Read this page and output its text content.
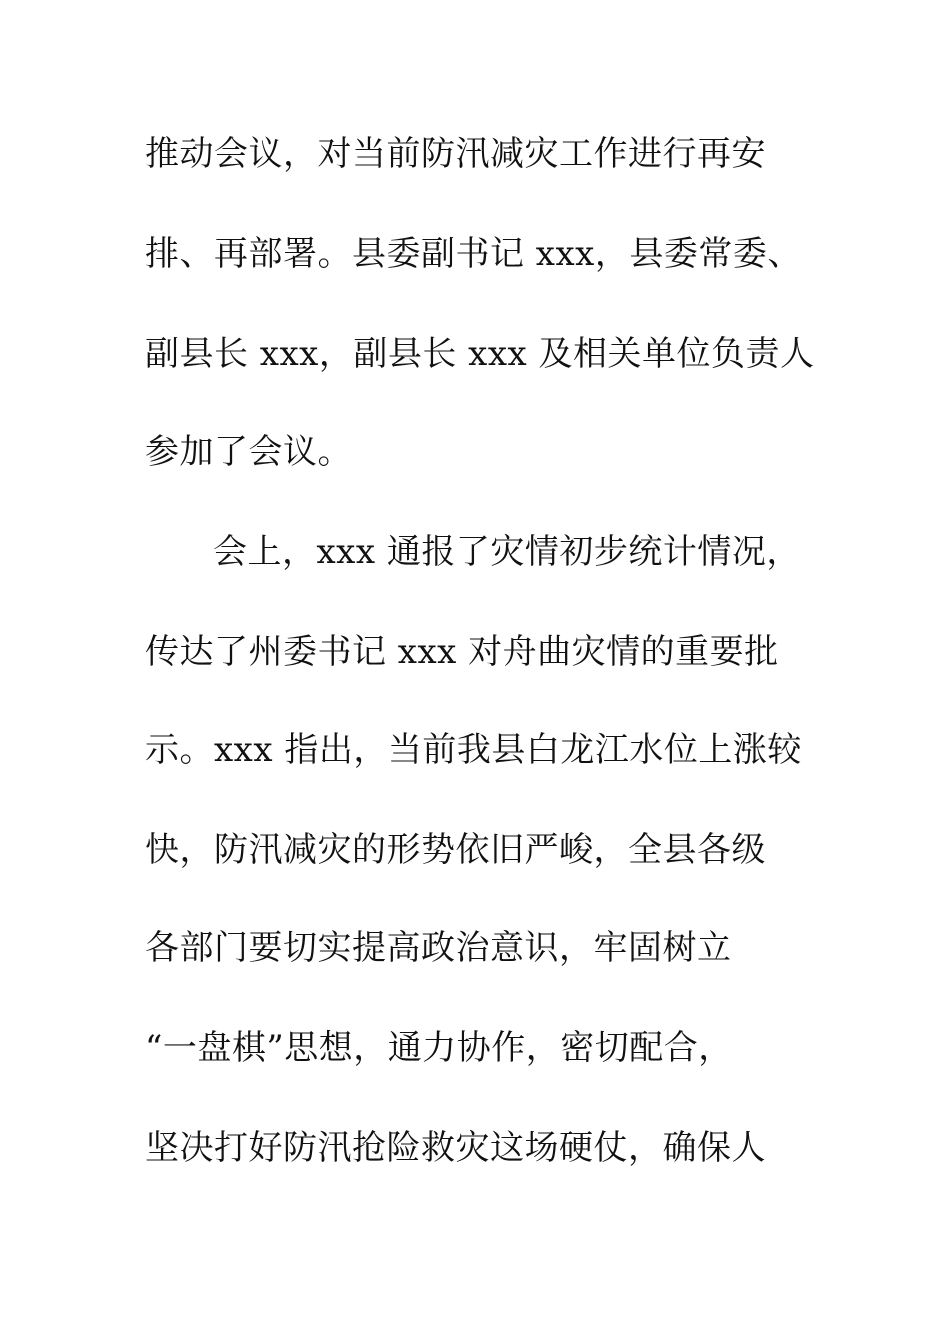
推动会议，对当前防汛减灾工作进行再安
排、再部署。县委副书记 xxx，县委常委、
副县长 xxx，副县长 xxx 及相关单位负责人
参加了会议。
会上，xxx 通报了灾情初步统计情况，
传达了州委书记 xxx 对舟曲灾情的重要批
示。xxx 指出，当前我县白龙江水位上涨较
快，防汛减灾的形势依旧严峻，全县各级
各部门要切实提高政治意识，牢固树立
“一盘棋”思想，通力协作，密切配合，
坚决打好防汛抢险救灾这场硬仗，确保人
